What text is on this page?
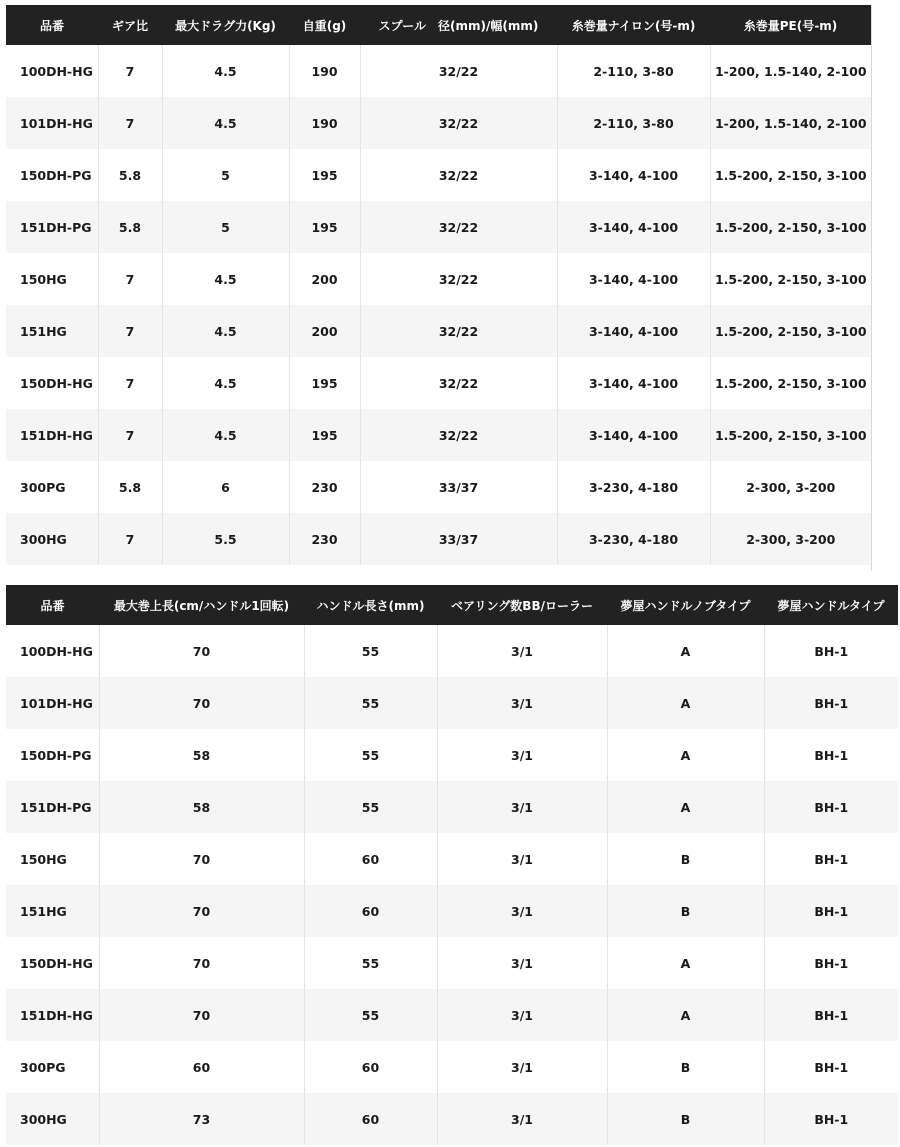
品番	ギア比	最大ドラグ力(Kg)	自重(g)	スプール　径(mm)/幅(mm)	糸巻量ナイロン(号-m)	糸巻量PE(号-m)
100DH-HG	7	4.5	190	32/22	2-110, 3-80	1-200, 1.5-140, 2-100
101DH-HG	7	4.5	190	32/22	2-110, 3-80	1-200, 1.5-140, 2-100
150DH-PG	5.8	5	195	32/22	3-140, 4-100	1.5-200, 2-150, 3-100
151DH-PG	5.8	5	195	32/22	3-140, 4-100	1.5-200, 2-150, 3-100
150HG	7	4.5	200	32/22	3-140, 4-100	1.5-200, 2-150, 3-100
151HG	7	4.5	200	32/22	3-140, 4-100	1.5-200, 2-150, 3-100
150DH-HG	7	4.5	195	32/22	3-140, 4-100	1.5-200, 2-150, 3-100
151DH-HG	7	4.5	195	32/22	3-140, 4-100	1.5-200, 2-150, 3-100
300PG	5.8	6	230	33/37	3-230, 4-180	2-300, 3-200
300HG	7	5.5	230	33/37	3-230, 4-180	2-300, 3-200
品番	最大巻上長(cm/ハンドル1回転)	ハンドル長さ(mm)	ベアリング数BB/ローラー	夢屋ハンドルノブタイプ	夢屋ハンドルタイプ
100DH-HG	70	55	3/1	A	BH-1
101DH-HG	70	55	3/1	A	BH-1
150DH-PG	58	55	3/1	A	BH-1
151DH-PG	58	55	3/1	A	BH-1
150HG	70	60	3/1	B	BH-1
151HG	70	60	3/1	B	BH-1
150DH-HG	70	55	3/1	A	BH-1
151DH-HG	70	55	3/1	A	BH-1
300PG	60	60	3/1	B	BH-1
300HG	73	60	3/1	B	BH-1
